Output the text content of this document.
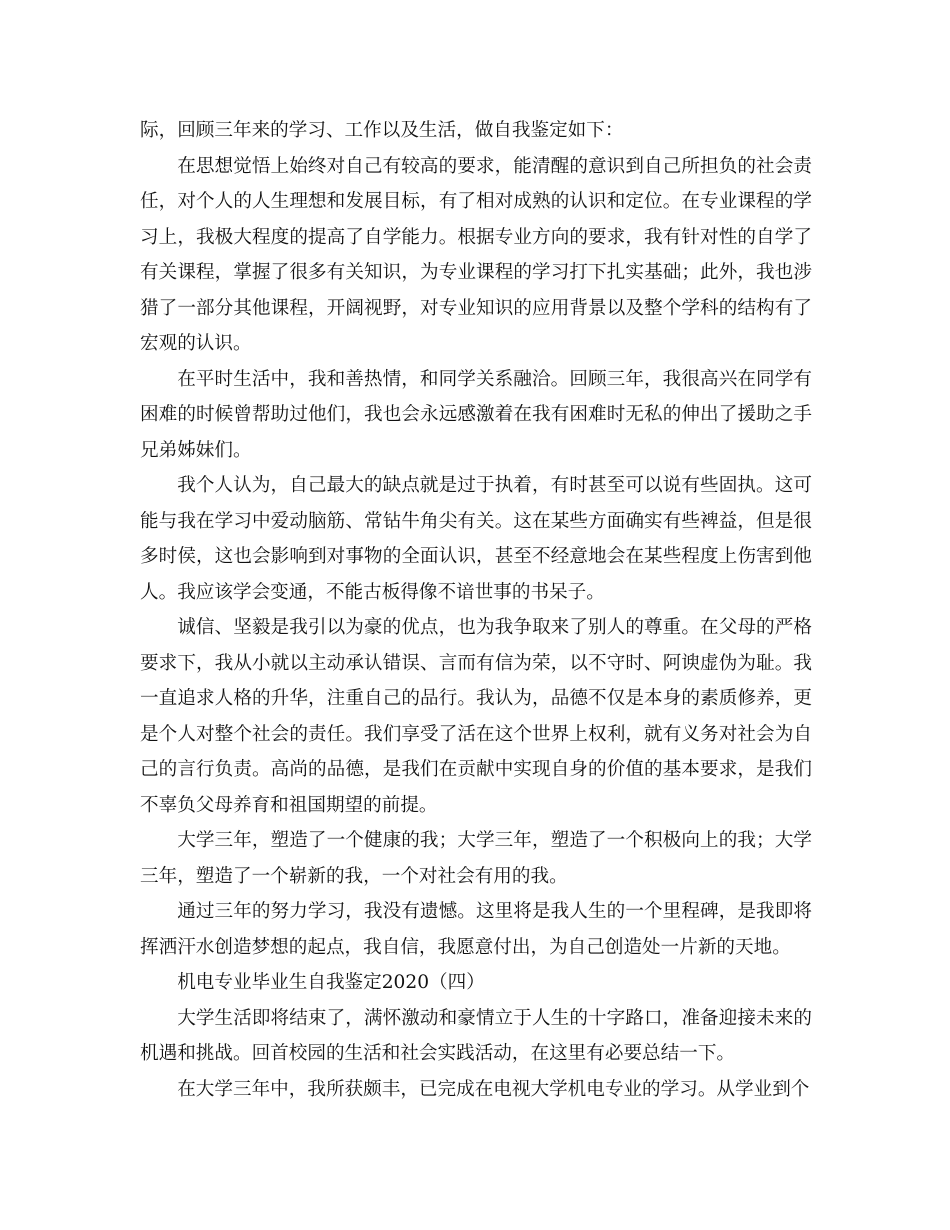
际，回顾三年来的学习、工作以及生活，做自我鉴定如下：

在思想觉悟上始终对自己有较高的要求，能清醒的意识到自己所担负的社会责任，对个人的人生理想和发展目标，有了相对成熟的认识和定位。在专业课程的学习上，我极大程度的提高了自学能力。根据专业方向的要求，我有针对性的自学了有关课程，掌握了很多有关知识，为专业课程的学习打下扎实基础；此外，我也涉猎了一部分其他课程，开阔视野，对专业知识的应用背景以及整个学科的结构有了宏观的认识。

在平时生活中，我和善热情，和同学关系融洽。回顾三年，我很高兴在同学有困难的时候曾帮助过他们，我也会永远感激着在我有困难时无私的伸出了援助之手兄弟姊妹们。

我个人认为，自己最大的缺点就是过于执着，有时甚至可以说有些固执。这可能与我在学习中爱动脑筋、常钻牛角尖有关。这在某些方面确实有些裨益，但是很多时侯，这也会影响到对事物的全面认识，甚至不经意地会在某些程度上伤害到他人。我应该学会变通，不能古板得像不谙世事的书呆子。

诚信、坚毅是我引以为豪的优点，也为我争取来了别人的尊重。在父母的严格要求下，我从小就以主动承认错误、言而有信为荣，以不守时、阿谀虚伪为耻。我一直追求人格的升华，注重自己的品行。我认为，品德不仅是本身的素质修养，更是个人对整个社会的责任。我们享受了活在这个世界上权利，就有义务对社会为自己的言行负责。高尚的品德，是我们在贡献中实现自身的价值的基本要求，是我们不辜负父母养育和祖国期望的前提。

大学三年，塑造了一个健康的我；大学三年，塑造了一个积极向上的我；大学三年，塑造了一个崭新的我，一个对社会有用的我。

通过三年的努力学习，我没有遗憾。这里将是我人生的一个里程碑，是我即将挥洒汗水创造梦想的起点，我自信，我愿意付出，为自己创造处一片新的天地。

机电专业毕业生自我鉴定2020（四）

大学生活即将结束了，满怀激动和豪情立于人生的十字路口，准备迎接未来的机遇和挑战。回首校园的生活和社会实践活动，在这里有必要总结一下。

在大学三年中，我所获颇丰，已完成在电视大学机电专业的学习。从学业到个
